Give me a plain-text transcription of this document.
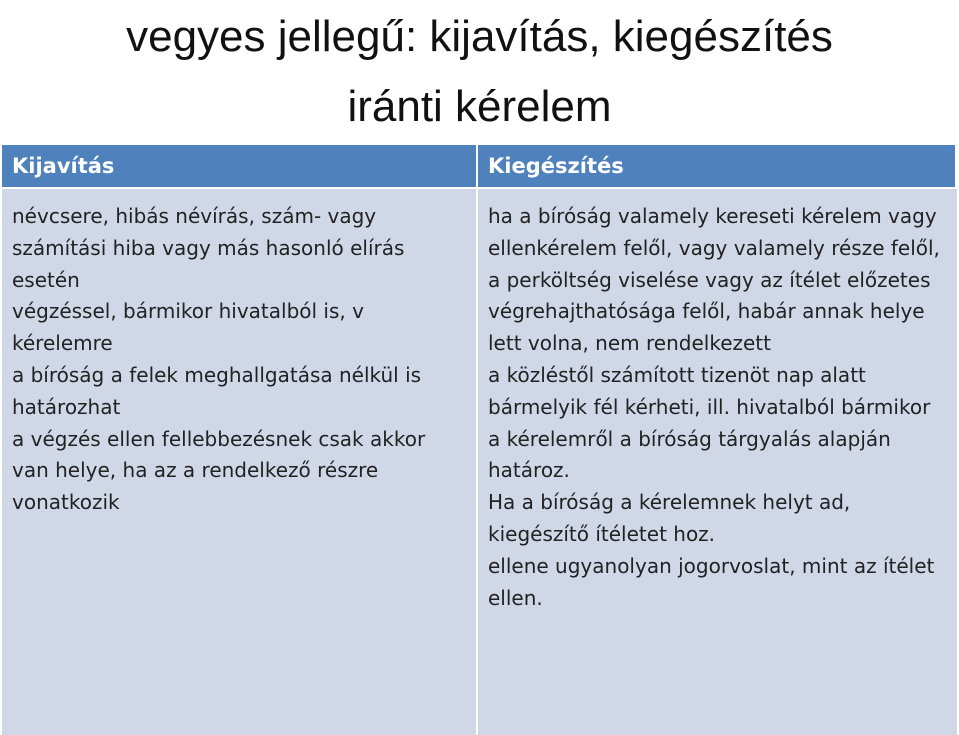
vegyes jellegű: kijavítás, kiegészítés
iránti kérelem
Kijavítás	Kiegészítés

névcsere, hibás névírás, szám- vagy számítási hiba vagy más hasonló elírás esetén

végzéssel, bármikor hivatalból is, v kérelemre

a bíróság a felek meghallgatása nélkül is határozhat

a végzés ellen fellebbezésnek csak akkor van helye, ha az a rendelkező részre vonatkozik

ha a bíróság valamely kereseti kérelem vagy ellenkérelem felől, vagy valamely része felől, a perköltség viselése vagy az ítélet előzetes végrehajthatósága felől, habár annak helye lett volna, nem rendelkezett

a közléstől számított tizenöt nap alatt bármelyik fél kérheti, ill. hivatalból bármikor

a kérelemről a bíróság tárgyalás alapján határoz.

Ha a bíróság a kérelemnek helyt ad, kiegészítő ítéletet hoz.

ellene ugyanolyan jogorvoslat, mint az ítélet ellen.
